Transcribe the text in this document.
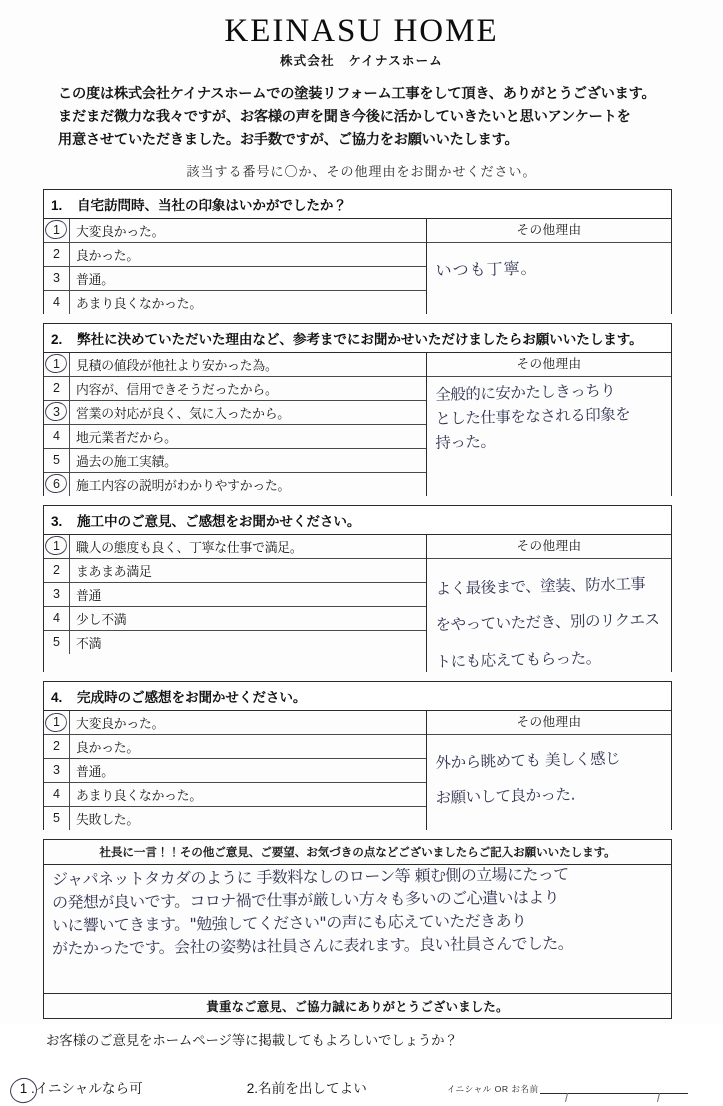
KEINASU HOME
株式会社　ケイナスホーム
この度は株式会社ケイナスホームでの塗装リフォーム工事をして頂き、ありがとうございます。
まだまだ微力な我々ですが、お客様の声を聞き今後に活かしていきたいと思いアンケートを
用意させていただきました。お手数ですが、ご協力をお願いいたします。
該当する番号に〇か、その他理由をお聞かせください。
1. 自宅訪問時、当社の印象はいかがでしたか？
1	大変良かった。
2	良かった。
3	普通。
4	あまり良くなかった。
その他理由
いつも丁寧。
2. 弊社に決めていただいた理由など、参考までにお聞かせいただけましたらお願いいたします。
1	見積の値段が他社より安かった為。
2	内容が、信用できそうだったから。
3	営業の対応が良く、気に入ったから。
4	地元業者だから。
5	過去の施工実績。
6	施工内容の説明がわかりやすかった。
その他理由
全般的に安かたしきっちり
とした仕事をなされる印象を
持った。
3. 施工中のご意見、ご感想をお聞かせください。
1	職人の態度も良く、丁寧な仕事で満足。
2	まあまあ満足
3	普通
4	少し不満
5	不満
その他理由
よく最後まで、塗装、防水工事
をやっていただき、別のリクエス
トにも応えてもらった。
4. 完成時のご感想をお聞かせください。
1	大変良かった。
2	良かった。
3	普通。
4	あまり良くなかった。
5	失敗した。
その他理由
外から眺めても 美しく感じ
お願いして良かった.
社長に一言！！その他ご意見、ご要望、お気づきの点などございましたらご記入お願いいたします。
ジャパネットタカダのように 手数料なしのローン等 頼む側の立場にたって
の発想が良いです。コロナ禍で仕事が厳しい方々も多いのご心遣いはより
いに響いてきます。"勉強してください"の声にも応えていただきあり
がたかったです。会社の姿勢は社員さんに表れます。良い社員さんでした。
貴重なご意見、ご協力誠にありがとうございました。
お客様のご意見をホームページ等に掲載してもよろしいでしょうか？
1 .イニシャルなら可	2.名前を出してよい	イニシャル OR お名前
